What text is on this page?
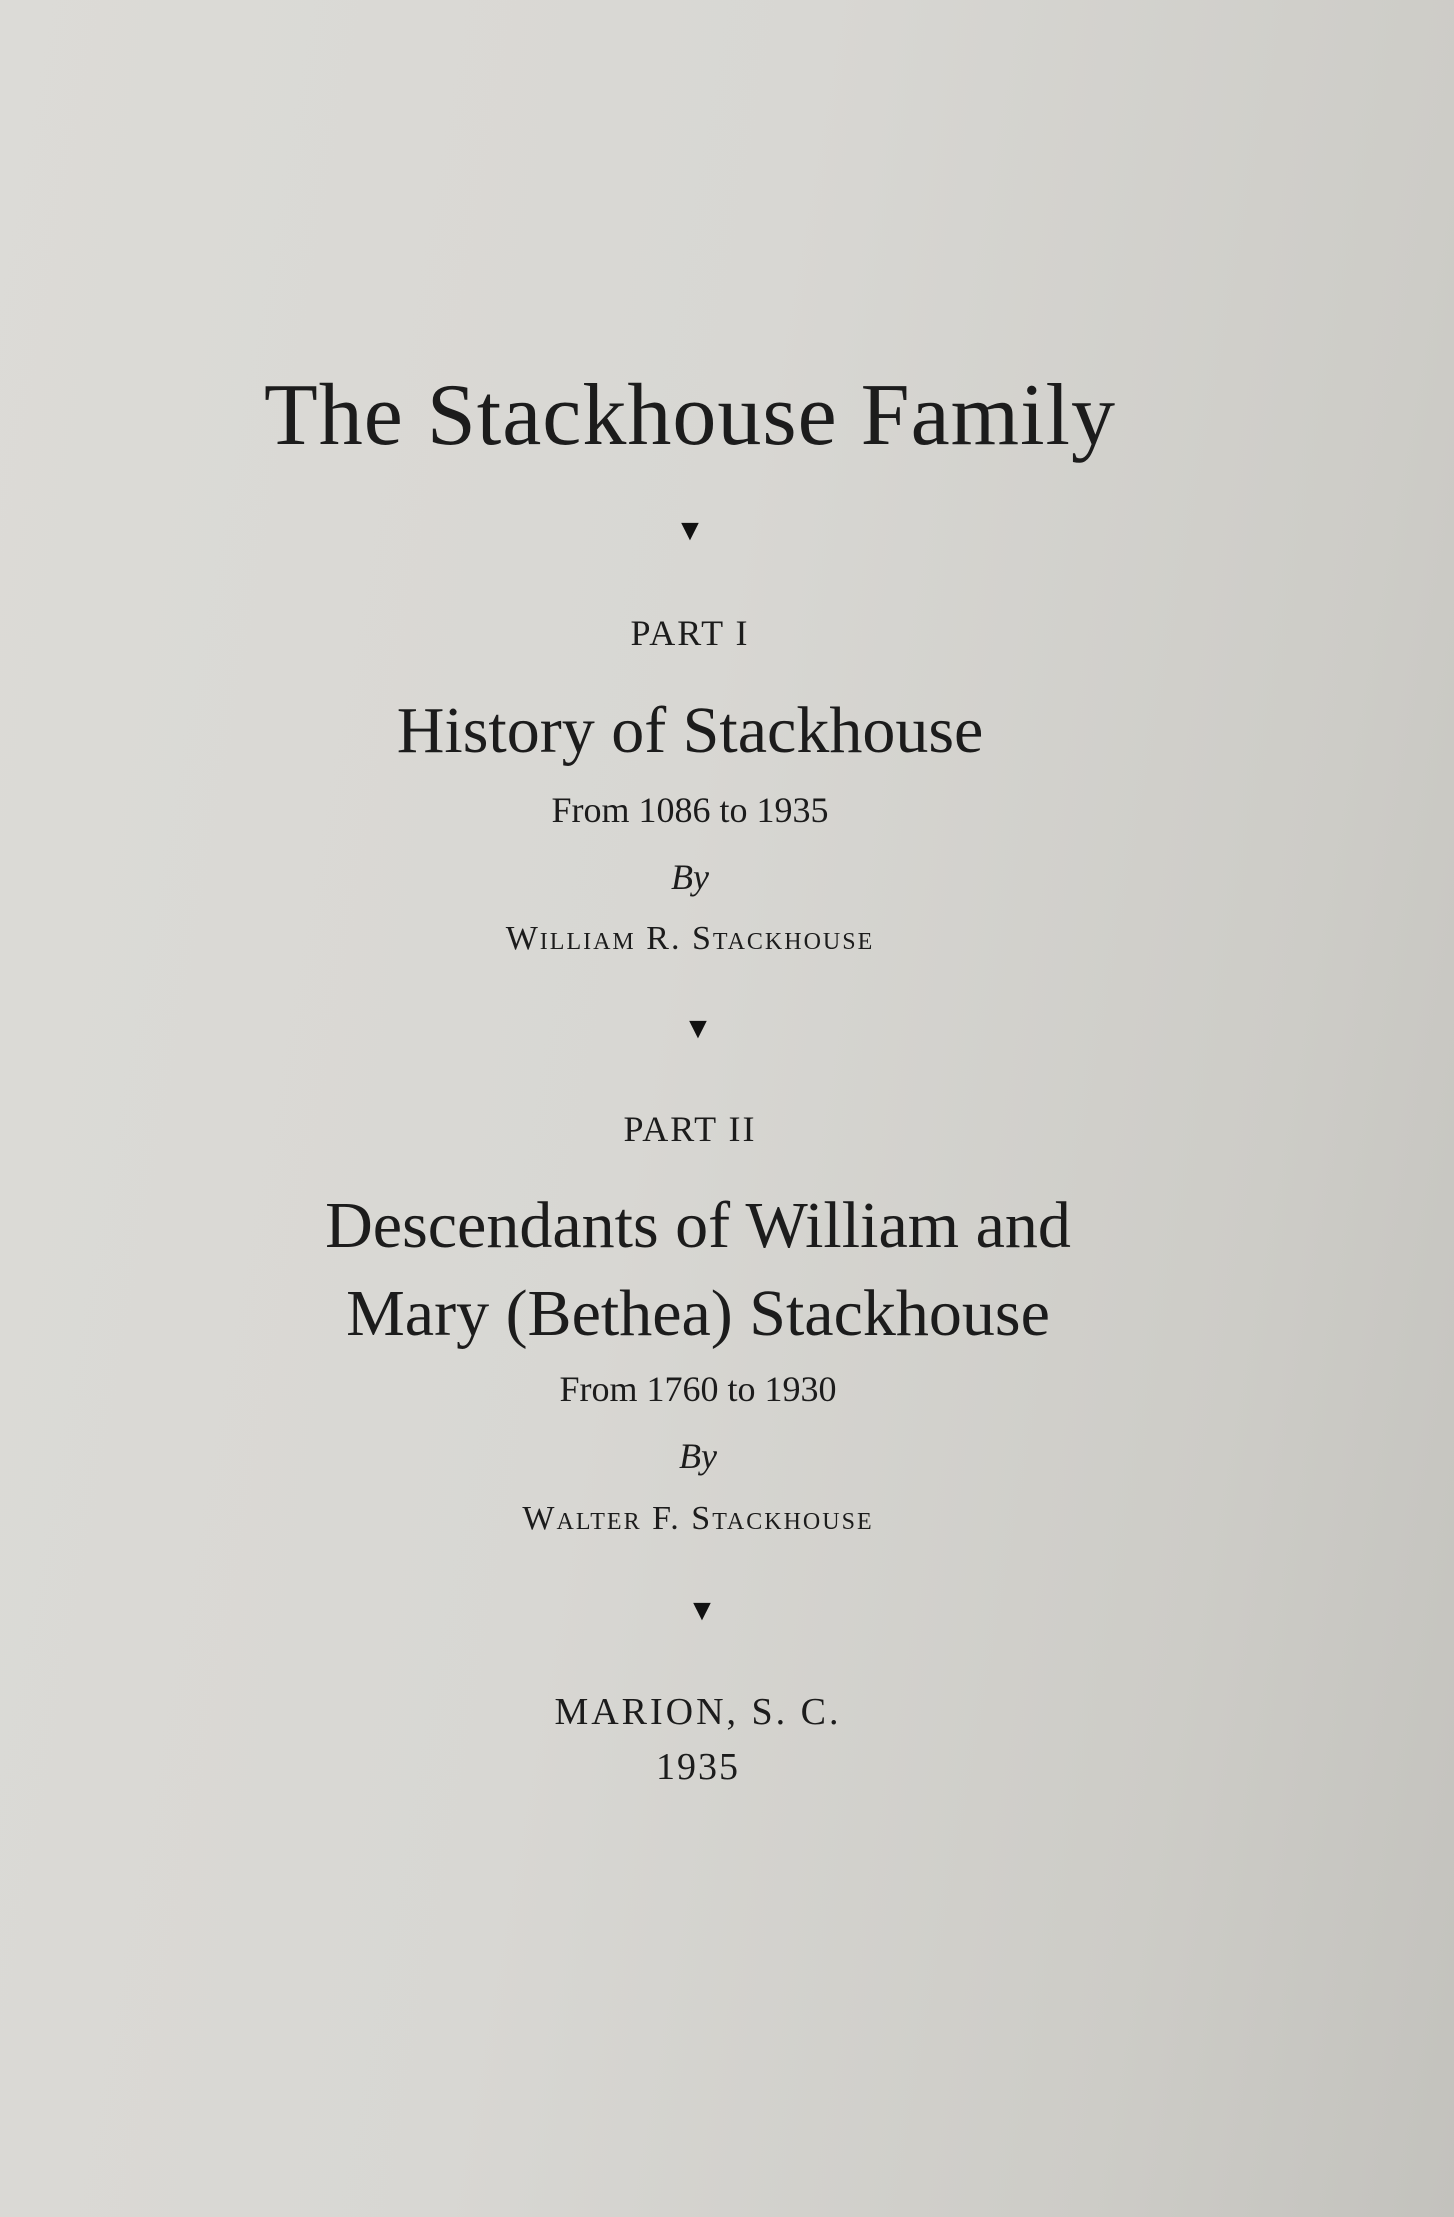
The Stackhouse Family
▼
PART I
History of Stackhouse
From 1086 to 1935
By
William R. Stackhouse
▼
PART II
Descendants of William and
Mary (Bethea) Stackhouse
From 1760 to 1930
By
Walter F. Stackhouse
▼
MARION, S. C.
1935
